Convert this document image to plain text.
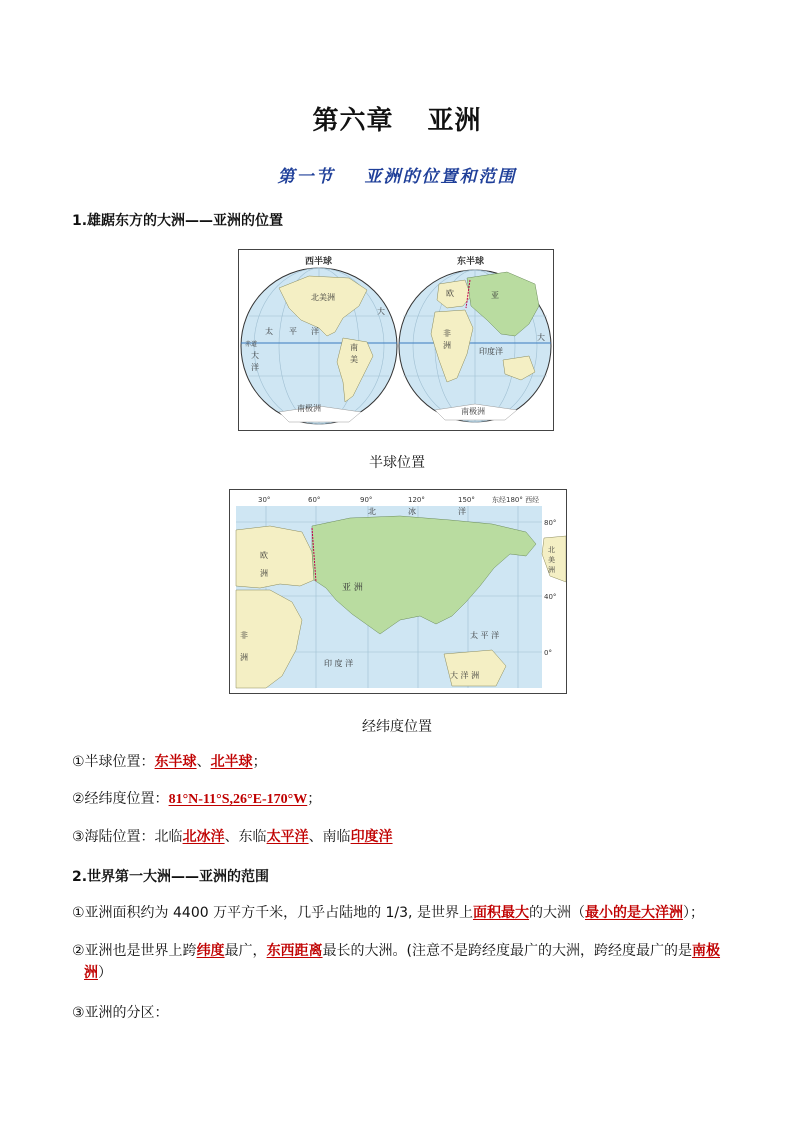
第六章 亚洲
第一节 亚洲的位置和范围
1.雄踞东方的大洲——亚洲的位置
西半球
北美洲
南
美
太 平 洋
赤道
大
洋
南极洲
大
东半球
欧	亚
非
洲
印度洋
南极洲
大
半球位置
30°	60°	90°	120°	150° 东经180° 西经
80°
40°
0°
北	冰	洋
欧
洲
亚 洲
非
洲
印 度 洋
太 平 洋
大 洋 洲
北
美
洲
经纬度位置
①半球位置：东半球、北半球；
②经纬度位置：81°N-11°S,26°E-170°W；
③海陆位置：北临北冰洋、东临太平洋、南临印度洋
2.世界第一大洲——亚洲的范围
①亚洲面积约为 4400 万平方千米，几乎占陆地的 1/3, 是世界上面积最大的大洲（最小的是大洋洲）；
②亚洲也是世界上跨纬度最广，东西距离最长的大洲。(注意不是跨经度最广的大洲，跨经度最广的是南极
洲）
③亚洲的分区：
